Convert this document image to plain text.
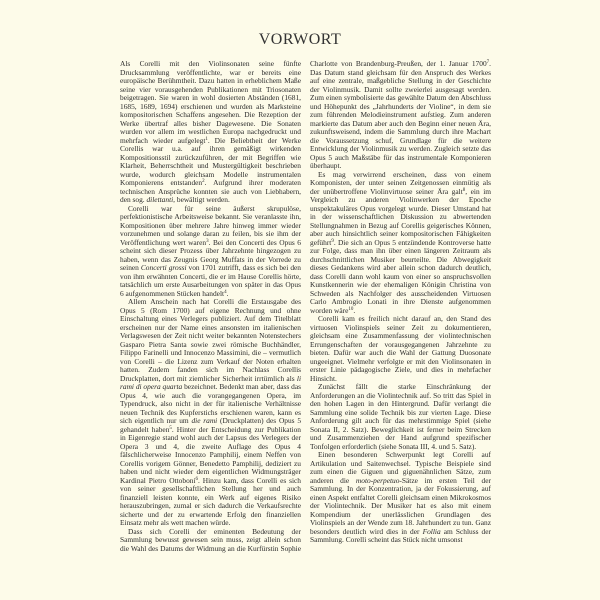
VORWORT

Als Corelli mit den Violinsonaten seine fünfte Drucksammlung veröffentlichte, war er bereits eine europäische Berühmtheit. Dazu hatten in erheblichem Maße seine vier vorausgehenden Publikationen mit Triosonaten beigetragen. Sie waren in wohl dosierten Abständen (1681, 1685, 1689, 1694) erschienen und wurden als Marksteine kompositorischen Schaffens angesehen. Die Rezeption der Werke übertraf alles bisher Dagewesene. Die Sonaten wurden vor allem im westlichen Europa nachgedruckt und mehrfach wieder aufgelegt$^1$. Die Beliebtheit der Werke Corellis war u.a. auf ihren gemäßigt wirkenden Kompositionsstil zurückzuführen, der mit Begriffen wie Klarheit, Beherrschtheit und Mustergültigkeit beschrieben wurde, wodurch gleichsam Modelle instrumentalen Komponierens entstanden$^2$. Aufgrund ihrer moderaten technischen Ansprüche konnten sie auch von Liebhabern, den sog. dilettanti, bewältigt werden.

Corelli war für seine äußerst skrupulöse, perfektionistische Arbeitsweise bekannt. Sie veranlasste ihn, Kompositionen über mehrere Jahre hinweg immer wieder vorzunehmen und solange daran zu feilen, bis sie ihm der Veröffentlichung wert waren$^3$. Bei den Concerti des Opus 6 scheint sich dieser Prozess über Jahrzehnte hingezogen zu haben, wenn das Zeugnis Georg Muffats in der Vorrede zu seinen Concerti grossi von 1701 zutrifft, dass es sich bei den von ihm erwähnten Concerti, die er im Hause Corellis hörte, tatsächlich um erste Ausarbeitungen von später in das Opus 6 aufgenommenen Stücken handelt$^4$.

Allem Anschein nach hat Corelli die Erstausgabe des Opus 5 (Rom 1700) auf eigene Rechnung und ohne Einschaltung eines Verlegers publiziert. Auf dem Titelblatt erscheinen nur der Name eines ansonsten im italienischen Verlagswesen der Zeit nicht weiter bekannten Notenstechers Gasparo Pietra Santa sowie zwei römische Buchhändler, Filippo Farinelli und Innocenzo Massimini, die – vermutlich von Corelli – die Lizenz zum Verkauf der Noten erhalten hatten. Zudem fanden sich im Nachlass Corellis Druckplatten, dort mit ziemlicher Sicherheit irrtümlich als li rami di opera quarta bezeichnet. Bedenkt man aber, dass das Opus 4, wie auch die vorangegangenen Opera, im Typendruck, also nicht in der für italienische Verhältnisse neuen Technik des Kupferstichs erschienen waren, kann es sich eigentlich nur um die rami (Druckplatten) des Opus 5 gehandelt haben$^5$. Hinter der Entscheidung zur Publikation in Eigenregie stand wohl auch der Lapsus des Verlegers der Opera 3 und 4, die zweite Auflage des Opus 4 fälschlicherweise Innocenzo Pamphilij, einem Neffen von Corellis vorigem Gönner, Benedetto Pamphilij, dediziert zu haben und nicht wieder dem eigentlichen Widmungsträger Kardinal Pietro Ottoboni$^6$. Hinzu kam, dass Corelli es sich von seiner gesellschaftlichen Stellung her und auch finanziell leisten konnte, ein Werk auf eigenes Risiko herauszubringen, zumal er sich dadurch die Verkaufsrechte sicherte und der zu erwartende Erfolg den finanziellen Einsatz mehr als wett machen würde.

Dass sich Corelli der eminenten Bedeutung der Sammlung bewusst gewesen sein muss, zeigt allein schon die Wahl des Datums der Widmung an die Kurfürstin Sophie Charlotte von Brandenburg-Preußen, der 1. Januar 1700$^7$. Das Datum stand gleichsam für den Anspruch des Werkes auf eine zentrale, maßgebliche Stellung in der Geschichte der Violinmusik. Damit sollte zweierlei ausgesagt werden. Zum einen symbolisierte das gewählte Datum den Abschluss und Höhepunkt des „Jahrhunderts der Violine“, in dem sie zum führenden Melodieinstrument aufstieg. Zum anderen markierte das Datum aber auch den Beginn einer neuen Ära, zukunftsweisend, indem die Sammlung durch ihre Machart die Voraussetzung schuf, Grundlage für die weitere Entwicklung der Violinmusik zu werden. Zugleich setzte das Opus 5 auch Maßstäbe für das instrumentale Komponieren überhaupt.

Es mag verwirrend erscheinen, dass von einem Komponisten, der unter seinen Zeitgenossen einmütig als der unübertroffene Violinvirtuose seiner Ära galt$^8$, ein im Vergleich zu anderen Violinwerken der Epoche unspektakuläres Opus vorgelegt wurde. Dieser Umstand hat in der wissenschaftlichen Diskussion zu abwertenden Stellungnahmen in Bezug auf Corellis geigerisches Können, aber auch hinsichtlich seiner kompositorischen Fähigkeiten geführt$^9$. Die sich an Opus 5 entzündende Kontroverse hatte zur Folge, dass man ihn über einen längeren Zeitraum als durchschnittlichen Musiker beurteilte. Die Abwegigkeit dieses Gedankens wird aber allein schon dadurch deutlich, dass Corelli dann wohl kaum von einer so anspruchsvollen Kunstkennerin wie der ehemaligen Königin Christina von Schweden als Nachfolger des ausscheidenden Virtuosen Carlo Ambrogio Lonati in ihre Dienste aufgenommen worden wäre$^{10}$.

Corelli kam es freilich nicht darauf an, den Stand des virtuosen Violinspiels seiner Zeit zu dokumentieren, gleichsam eine Zusammenfassung der violintechnischen Errungenschaften der vorausgegangenen Jahrzehnte zu bieten. Dafür war auch die Wahl der Gattung Duosonate ungeeignet. Vielmehr verfolgte er mit den Violinsonaten in erster Linie pädagogische Ziele, und dies in mehrfacher Hinsicht.

Zunächst fällt die starke Einschränkung der Anforderungen an die Violintechnik auf. So tritt das Spiel in den hohen Lagen in den Hintergrund. Dafür verlangt die Sammlung eine solide Technik bis zur vierten Lage. Diese Anforderung gilt auch für das mehrstimmige Spiel (siehe Sonata II, 2. Satz). Beweglichkeit ist ferner beim Strecken und Zusammenziehen der Hand aufgrund spezifischer Tonfolgen erforderlich (siehe Sonata III, 4. und 5. Satz).

Einen besonderen Schwerpunkt legt Corelli auf Artikulation und Saitenwechsel. Typische Beispiele sind zum einen die Giguen und giguenähnlichen Sätze, zum anderen die moto-perpetuo-Sätze im ersten Teil der Sammlung. In der Konzentration, ja der Fokussierung, auf einen Aspekt entfaltet Corelli gleichsam einen Mikrokosmos der Violintechnik. Der Musiker hat es also mit einem Kompendium der unerlässlichen Grundlagen des Violinspiels an der Wende zum 18. Jahrhundert zu tun. Ganz besonders deutlich wird dies in der Follia am Schluss der Sammlung. Corelli scheint das Stück nicht umsonst
